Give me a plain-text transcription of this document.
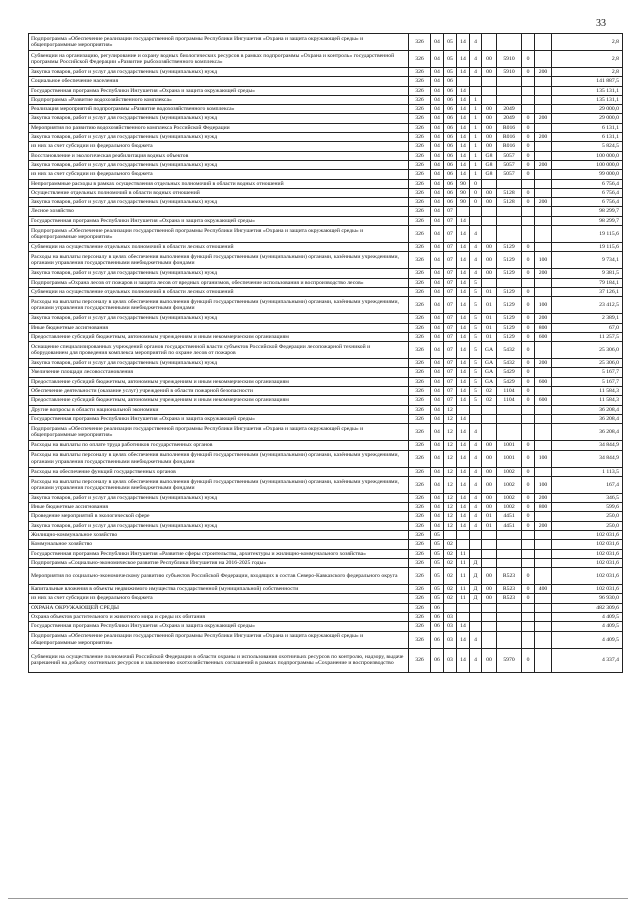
33
Подпрограмма «Обеспечение реализации государственной программы Республики Ингушетия «Охрана и защита окружающей среды» и общепрограммные мероприятия»	326	04	05	14	4					2,8
Субвенции на организацию, регулирование и охрану водных биологических ресурсов в рамках подпрограммы «Охрана и контроль» государственной программы Российской Федерации «Развитие рыбохозяйственного комплекса»	326	04	05	14	4	00	5910	0		2,8
Закупка товаров, работ и услуг для государственных (муниципальных) нужд	326	04	05	14	4	00	5910	0	200	2,8
Социальное обеспечение населения	326	04	06							141 887,5
Государственная программа Республики Ингушетия «Охрана и защита окружающей среды»	326	04	06	14						135 131,1
Подпрограмма «Развитие водохозяйственного комплекса»	326	04	06	14	1					135 131,1
Реализация мероприятий подпрограммы «Развитие водохозяйственного комплекса»	326	04	06	14	1	00	2049			29 000,0
Закупка товаров, работ и услуг для государственных (муниципальных) нужд	326	04	06	14	1	00	2049	0	200	29 000,0
Мероприятия по развитию водохозяйственного комплекса Российской Федерации	326	04	06	14	1	00	R016	0		6 131,1
Закупка товаров, работ и услуг для государственных (муниципальных) нужд	326	04	06	14	1	00	R016	0	200	6 131,1
из них за счет субсидии из федерального бюджета	326	04	06	14	1	00	R016	0		5 824,5
Восстановление и экологическая реабилитация водных объектов	326	04	06	14	1	G8	5057	0		100 000,0
Закупка товаров, работ и услуг для государственных (муниципальных) нужд	326	04	06	14	1	G8	5057	0	200	100 000,0
из них за счет субсидии из федерального бюджета	326	04	06	14	1	G8	5057	0		99 000,0
Непрограммные расходы в рамках осуществления отдельных полномочий в области водных отношений	326	04	06	90	0					6 756,4
Осуществление отдельных полномочий в области водных отношений	326	04	06	90	0	00	5128	0		6 756,4
Закупка товаров, работ и услуг для государственных (муниципальных) нужд	326	04	06	90	0	00	5128	0	200	6 756,4
Лесное хозяйство	326	04	07							98 299,7
Государственная программа Республики Ингушетия «Охрана и защита окружающей среды»	326	04	07	14						98 299,7
Подпрограмма «Обеспечение реализации государственной программы Республики Ингушетия «Охрана и защита окружающей среды» и общепрограммные мероприятия»	326	04	07	14	4					19 115,6
Субвенции на осуществление отдельных полномочий в области лесных отношений	326	04	07	14	4	00	5129	0		19 115,6
Расходы на выплаты персоналу в целях обеспечения выполнения функций государственными (муниципальными) органами, казёнными учреждениями, органами управления государственными внебюджетными фондами	326	04	07	14	4	00	5129	0	100	9 734,1
Закупка товаров, работ и услуг для государственных (муниципальных) нужд	326	04	07	14	4	00	5129	0	200	9 381,5
Подпрограмма «Охрана лесов от пожаров и защита лесов от вредных организмов, обеспечение использования и воспроизводство лесов»	326	04	07	14	5					79 184,1
Субвенции на осуществление отдельных полномочий в области лесных отношений	326	04	07	14	5	01	5129	0		37 126,1
Расходы на выплаты персоналу в целях обеспечения выполнения функций государственными (муниципальными) органами, казёнными учреждениями, органами управления государственными внебюджетными фондами	326	04	07	14	5	01	5129	0	100	23 412,5
Закупка товаров, работ и услуг для государственных (муниципальных) нужд	326	04	07	14	5	01	5129	0	200	2 389,1
Иные бюджетные ассигнования	326	04	07	14	5	01	5129	0	800	67,0
Предоставление субсидий бюджетным, автономным учреждениям и иным некоммерческим организациям	326	04	07	14	5	01	5129	0	600	11 257,5
Оснащение специализированных учреждений органов государственной власти субъектов Российской Федерации лесопожарной техникой и оборудованием для проведения комплекса мероприятий по охране лесов от пожаров	326	04	07	14	5	GA	5432	0		25 306,0
Закупка товаров, работ и услуг для государственных (муниципальных) нужд	326	04	07	14	5	GA	5432	0	200	25 306,0
Увеличение площади лесовосстановления	326	04	07	14	5	GA	5429	0		5 167,7
Предоставление субсидий бюджетным, автономным учреждениям и иным некоммерческим организациям	326	04	07	14	5	GA	5429	0	600	5 167,7
Обеспечение деятельности (оказание услуг) учреждений в области пожарной безопасности	326	04	07	14	5	02	1104	0		11 584,3
Предоставление субсидий бюджетным, автономным учреждениям и иным некоммерческим организациям	326	04	07	14	5	02	1104	0	600	11 584,3
Другие вопросы в области национальной экономики	326	04	12							36 208,4
Государственная программа Республики Ингушетия «Охрана и защита окружающей среды»	326	04	12	14						36 208,4
Подпрограмма «Обеспечение реализации государственной программы Республики Ингушетия «Охрана и защита окружающей среды» и общепрограммные мероприятия»	326	04	12	14	4					36 208,4
Расходы на выплаты по оплате труда работников государственных органов	326	04	12	14	4	00	1001	0		34 844,9
Расходы на выплаты персоналу в целях обеспечения выполнения функций государственными (муниципальными) органами, казёнными учреждениями, органами управления государственными внебюджетными фондами	326	04	12	14	4	00	1001	0	100	34 844,9
Расходы на обеспечение функций государственных органов	326	04	12	14	4	00	1002	0		1 113,5
Расходы на выплаты персоналу в целях обеспечения выполнения функций государственными (муниципальными) органами, казёнными учреждениями, органами управления государственными внебюджетными фондами	326	04	12	14	4	00	1002	0	100	167,4
Закупка товаров, работ и услуг для государственных (муниципальных) нужд	326	04	12	14	4	00	1002	0	200	346,5
Иные бюджетные ассигнования	326	04	12	14	4	00	1002	0	800	599,6
Проведение мероприятий в экологической сфере	326	04	12	14	4	01	4451	0		250,0
Закупка товаров, работ и услуг для государственных (муниципальных) нужд	326	04	12	14	4	01	4451	0	200	250,0
Жилищно-коммунальное хозяйство	326	05								102 031,6
Коммунальное хозяйство	326	05	02							102 031,6
Государственная программа Республики Ингушетия «Развитие сферы строительства, архитектуры и жилищно-коммунального хозяйства»	326	05	02	11						102 031,6
Подпрограмма «Социально-экономическое развитие Республики Ингушетия на 2016-2025 годы»	326	05	02	11	Д					102 031,6
Мероприятия по социально-экономическому развитию субъектов Российской Федерации, входящих в состав Северо-Кавказского федерального округа	326	05	02	11	Д	00	R523	0		102 031,6
Капитальные вложения в объекты недвижимого имущества государственной (муниципальной) собственности	326	05	02	11	Д	00	R523	0	400	102 031,6
из них за счет субсидии из федерального бюджета	326	05	02	11	Д	00	R523	0		96 930,0
ОХРАНА ОКРУЖАЮЩЕЙ СРЕДЫ	326	06								482 309,6
Охрана объектов растительного и животного мира и среды их обитания	326	06	03							4 409,5
Государственная программа Республики Ингушетия «Охрана и защита окружающей среды»	326	06	03	14						4 409,5
Подпрограмма «Обеспечение реализации государственной программы Республики Ингушетия «Охрана и защита окружающей среды» и общепрограммные мероприятия»	326	06	03	14	4					4 409,5
Субвенции на осуществление полномочий Российской Федерации в области охраны и использования охотничьих ресурсов по контролю, надзору, выдаче разрешений на добычу охотничьих ресурсов и заключению охотхозяйственных соглашений в рамках подпрограммы «Сохранение и воспроизводство	326	06	03	14	4	00	5970	0		4 337,4
